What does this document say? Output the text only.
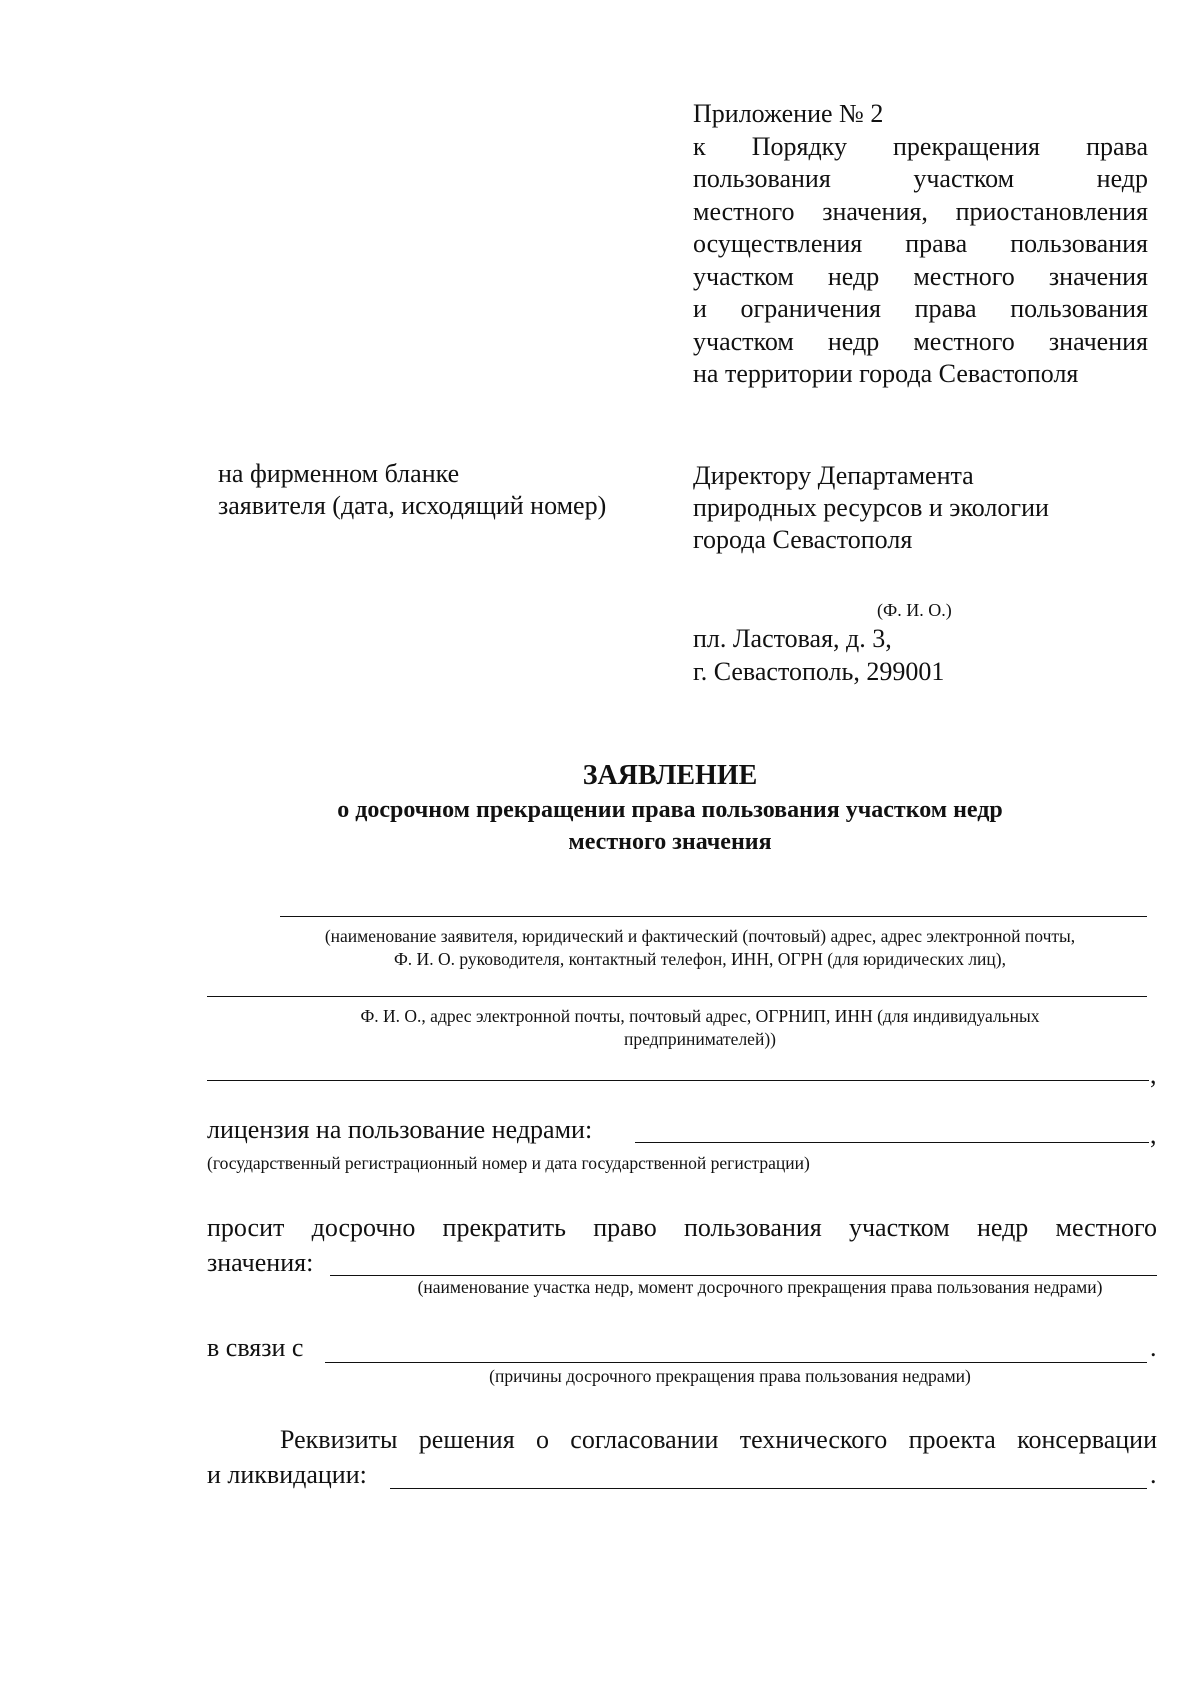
Приложение № 2
к Порядку прекращения права
пользования участком недр
местного значения, приостановления
осуществления права пользования
участком недр местного значения
и ограничения права пользования
участком недр местного значения
на территории города Севастополя
на фирменном бланке
заявителя (дата, исходящий номер)
Директору Департамента
природных ресурсов и экологии
города Севастополя
(Ф. И. О.)
пл. Ластовая, д. 3,
г. Севастополь, 299001
ЗАЯВЛЕНИЕ
о досрочном прекращении права пользования участком недр
местного значения
(наименование заявителя, юридический и фактический (почтовый) адрес, адрес электронной почты,
Ф. И. О. руководителя, контактный телефон, ИНН, ОГРН (для юридических лиц),
Ф. И. О., адрес электронной почты, почтовый адрес, ОГРНИП, ИНН (для индивидуальных
предпринимателей))
,
лицензия на пользование недрами:	,
(государственный регистрационный номер и дата государственной регистрации)
просит досрочно прекратить право пользования участком недр местного
значения:
(наименование участка недр, момент досрочного прекращения права пользования недрами)
в связи с	.
(причины досрочного прекращения права пользования недрами)
Реквизиты решения о согласовании технического проекта консервации
и ликвидации:	.
